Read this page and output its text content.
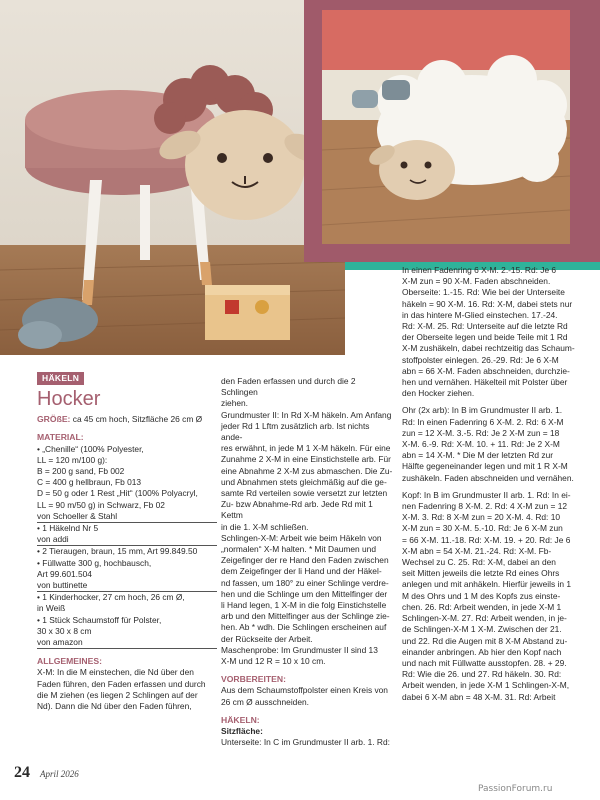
HÄKELN
Hocker

GRÖßE: ca 45 cm hoch, Sitzfläche 26 cm Ø

MATERIAL:

• „Chenille“ (100% Polyester,

LL = 120 m/100 g):

B = 200 g sand, Fb 002

C = 400 g hellbraun, Fb 013

D = 50 g oder 1 Rest „Hit“ (100% Polyacryl,

LL = 90 m/50 g) in Schwarz, Fb 02

von Schoeller & Stahl

• 1 Häkelnd Nr 5

von addi

• 2 Tieraugen, braun, 15 mm, Art 99.849.50

• Füllwatte 300 g, hochbausch,

Art 99.601.504

von buttinette

• 1 Kinderhocker, 27 cm hoch, 26 cm Ø,

in Weiß

• 1 Stück Schaumstoff für Polster,

30 x 30 x 8 cm

von amazon

ALLGEMEINES:

X-M: In die M einstechen, die Nd über den

Faden führen, den Faden erfassen und durch

die M ziehen (es liegen 2 Schlingen auf der

Nd). Dann die Nd über den Faden führen,

den Faden erfassen und durch die 2 Schlingen

ziehen.

Grundmuster II: In Rd X-M häkeln. Am Anfang

jeder Rd 1 Lftm zusätzlich arb. Ist nichts ande-

res erwähnt, in jede M 1 X-M häkeln. Für eine

Zunahme 2 X-M in eine Einstichstelle arb. Für

eine Abnahme 2 X-M zus abmaschen. Die Zu-

und Abnahmen stets gleichmäßig auf die ge-

samte Rd verteilen sowie versetzt zur letzten

Zu- bzw Abnahme-Rd arb. Jede Rd mit 1 Kettm

in die 1. X-M schließen.

Schlingen-X-M: Arbeit wie beim Häkeln von

„normalen“ X-M halten. * Mit Daumen und

Zeigefinger der re Hand den Faden zwischen

dem Zeigefinger der li Hand und der Häkel-

nd fassen, um 180° zu einer Schlinge verdre-

hen und die Schlinge um den Mittelfinger der

li Hand legen, 1 X-M in die folg Einstichstelle

arb und den Mittelfinger aus der Schlinge zie-

hen. Ab * wdh. Die Schlingen erscheinen auf

der Rückseite der Arbeit.

Maschenprobe: Im Grundmuster II sind 13

X-M und 12 R = 10 x 10 cm.

VORBEREITEN:

Aus dem Schaumstoffpolster einen Kreis von

26 cm Ø ausschneiden.

HÄKELN:

Sitzfläche:

Unterseite: In C im Grundmuster II arb. 1. Rd:

In einen Fadenring 6 X-M. 2.-15. Rd: Je 6

X-M zun = 90 X-M. Faden abschneiden.

Oberseite: 1.-15. Rd: Wie bei der Unterseite

häkeln = 90 X-M. 16. Rd: X-M, dabei stets nur

in das hintere M-Glied einstechen. 17.-24.

Rd: X-M. 25. Rd: Unterseite auf die letzte Rd

der Oberseite legen und beide Teile mit 1 Rd

X-M zushäkeln, dabei rechtzeitig das Schaum-

stoffpolster einlegen. 26.-29. Rd: Je 6 X-M

abn = 66 X-M. Faden abschneiden, durchzie-

hen und vernähen. Häkelteil mit Polster über

den Hocker ziehen.

Ohr (2x arb): In B im Grundmuster II arb. 1.

Rd: In einen Fadenring 6 X-M. 2. Rd: 6 X-M

zun = 12 X-M. 3.-5. Rd: Je 2 X-M zun = 18

X-M. 6.-9. Rd: X-M. 10. + 11. Rd: Je 2 X-M

abn = 14 X-M. * Die M der letzten Rd zur

Hälfte gegeneinander legen und mit 1 R X-M

zushäkeln. Faden abschneiden und vernähen.

Kopf: In B im Grundmuster II arb. 1. Rd: In ei-

nen Fadenring 8 X-M. 2. Rd: 4 X-M zun = 12

X-M. 3. Rd: 8 X-M zun = 20 X-M. 4. Rd: 10

X-M zun = 30 X-M. 5.-10. Rd: Je 6 X-M zun

= 66 X-M. 11.-18. Rd: X-M. 19. + 20. Rd: Je 6

X-M abn = 54 X-M. 21.-24. Rd: X-M. Fb-

Wechsel zu C. 25. Rd: X-M, dabei an den

seit Mitten jeweils die letzte Rd eines Ohrs

anlegen und mit anhäkeln. Hierfür jeweils in 1

M des Ohrs und 1 M des Kopfs zus einste-

chen. 26. Rd: Arbeit wenden, in jede X-M 1

Schlingen-X-M. 27. Rd: Arbeit wenden, in je-

de Schlingen-X-M 1 X-M. Zwischen der 21.

und 22. Rd die Augen mit 8 X-M Abstand zu-

einander anbringen. Ab hier den Kopf nach

und nach mit Füllwatte ausstopfen. 28. + 29.

Rd: Wie die 26. und 27. Rd häkeln. 30. Rd:

Arbeit wenden, in jede X-M 1 Schlingen-X-M,

dabei 6 X-M abn = 48 X-M. 31. Rd: Arbeit

24 April 2026
PassionForum.ru
